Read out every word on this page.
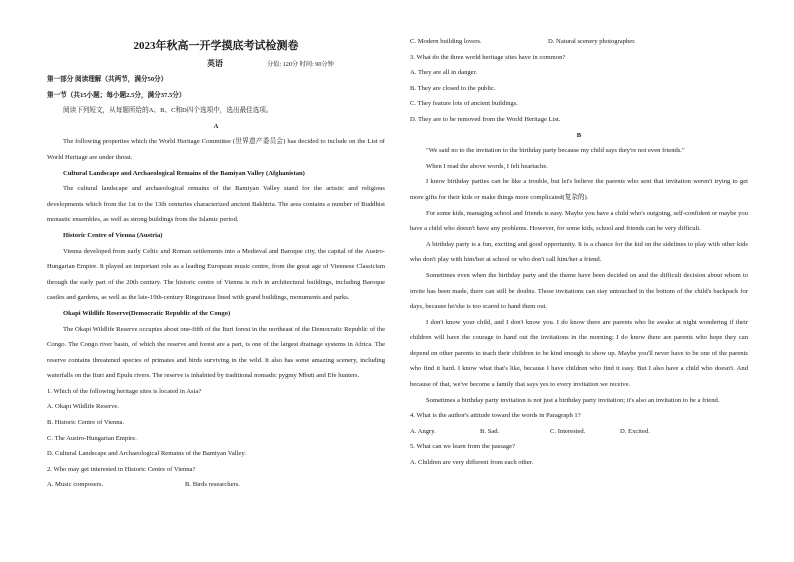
2023年秋高一开学摸底考试检测卷
英语	分值: 120分 时间: 90分钟

第一部分 阅读理解（共两节，满分50分）

第一节（共15小题；每小题2.5分，满分37.5分）

阅读下列短文，从每题所给的A、B、C和D四个选项中，选出最佳选项。

A

The following properties which the World Heritage Committee (世界遗产委员会) has decided to include on the List of World Heritage are under threat.

Cultural Landscape and Archaeological Remains of the Bamiyan Valley (Afghanistan)

The cultural landscape and archaeological remains of the Bamiyan Valley stand for the artistic and religious developments which from the 1st to the 13th centuries characterized ancient Bakhtria. The area contains a number of Buddhist monastic ensembles, as well as strong buildings from the Islamic period.

Historic Centre of Vienna (Austria)

Vienna developed from early Celtic and Roman settlements into a Medieval and Baroque city, the capital of the Austro-Hungarian Empire. It played an important role as a leading European music centre, from the great age of Viennese Classicism through the early part of the 20th century. The historic centre of Vienna is rich in architectural buildings, including Baroque castles and gardens, as well as the late-19th-century Ringstrasse lined with grand buildings, monuments and parks.

Okapi Wildlife Reserve(Democratic Republic of the Congo)

The Okapi Wildlife Reserve occupies about one-fifth of the Ituri forest in the northeast of the Democratic Republic of the Congo. The Congo river basin, of which the reserve and forest are a part, is one of the largest drainage systems in Africa. The reserve contains threatened species of primates and birds surviving in the wild. It also has some amazing scenery, including waterfalls on the Ituri and Epulu rivers. The reserve is inhabited by traditional nomadic pygmy Mbuti and Efe hunters.

1. Which of the following heritage sites is located in Asia?

A. Okapi Wildlife Reserve.

B. Historic Centre of Vienna.

C. The Austro-Hungarian Empire.

D. Cultural Landscape and Archaeological Remains of the Bamiyan Valley.

2. Who may get interested in Historic Centre of Vienna?

A. Music composers.	B. Birds researchers.
C. Modern building lovers.	D. Natural scenery photographer.

3. What do the three world heritage sites have in common?

A. They are all in danger.

B. They are closed to the public.

C. They feature lots of ancient buildings.

D. They are to be removed from the World Heritage List.

B

"We said no to the invitation to the birthday party because my child says they're not even friends."

When I read the above words, I felt heartache.

I know birthday parties can be like a trouble, but let's believe the parents who sent that invitation weren't trying to get more gifts for their kids or make things more complicated(复杂的).

For some kids, managing school and friends is easy. Maybe you have a child who's outgoing, self-confident or maybe you have a child who doesn't have any problems. However, for some kids, school and friends can be very difficult.

A birthday party is a fun, exciting and good opportunity. It is a chance for the kid on the sidelines to play with other kids who don't play with him/her at school or who don't call him/her a friend.

Sometimes even when the birthday party and the theme have been decided on and the difficult decision about whom to invite has been made, there can still be doubts. Those invitations can stay untouched in the bottom of the child's backpack for days, because he/she is too scared to hand them out.

I don't know your child, and I don't know you. I do know there are parents who lie awake at night wondering if their children will have the courage to hand out the invitations in the morning; I do know there are parents who hope they can depend on other parents to teach their children to be kind enough to show up. Maybe you'll never have to be one of the parents who find it hard. I know what that's like, because I have children who find it easy. But I also have a child who doesn't. And because of that, we've become a family that says yes to every invitation we receive.

Sometimes a birthday party invitation is not just a birthday party invitation; it's also an invitation to be a friend.

4. What is the author's attitude toward the words in Paragraph 1?

A. Angry.	B. Sad.	C. Interested.	D. Excited.

5. What can we learn from the passage?

A. Children are very different from each other.
